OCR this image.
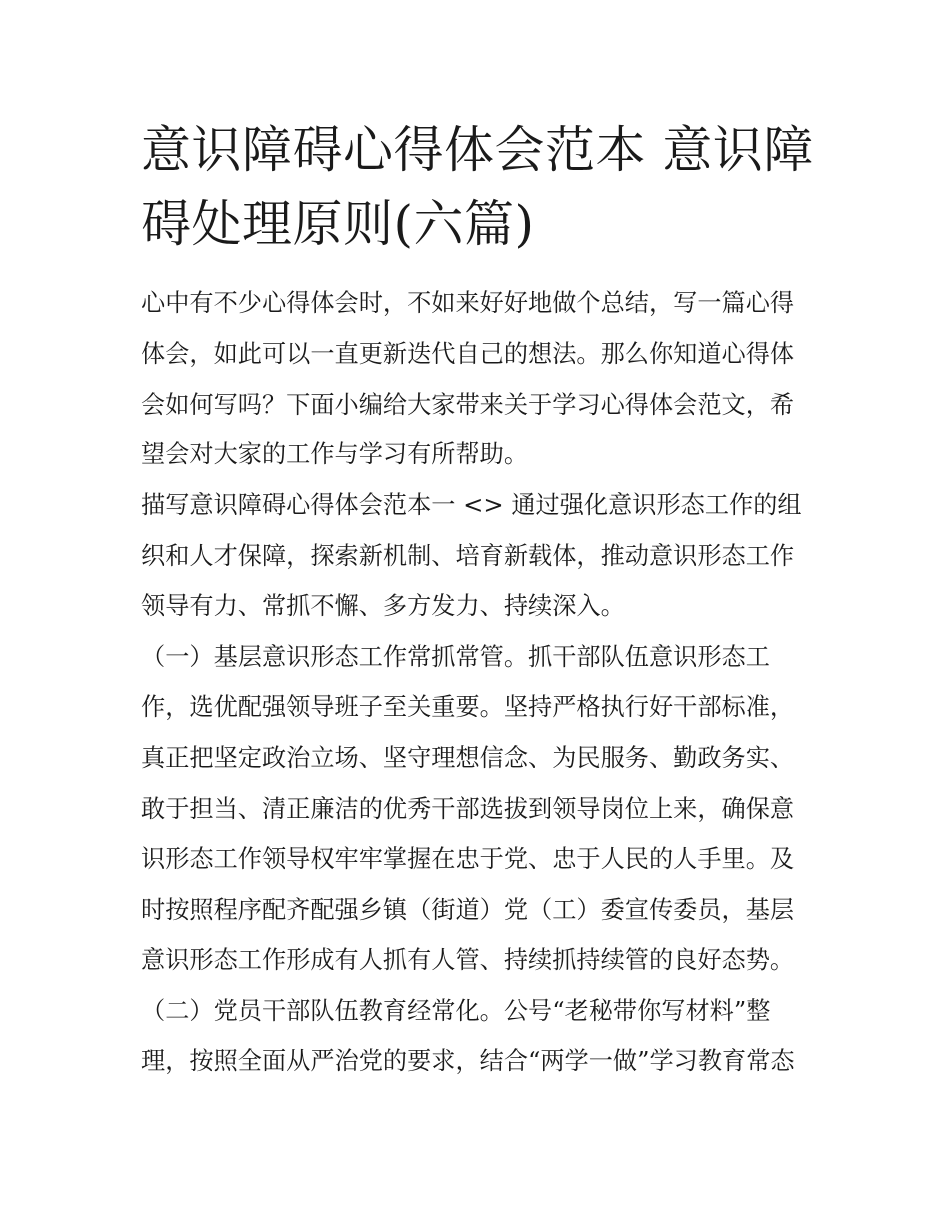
意识障碍心得体会范本 意识障碍处理原则(六篇)

心中有不少心得体会时，不如来好好地做个总结，写一篇心得

体会，如此可以一直更新迭代自己的想法。那么你知道心得体

会如何写吗？下面小编给大家带来关于学习心得体会范文，希

望会对大家的工作与学习有所帮助。

描写意识障碍心得体会范本一 <> 通过强化意识形态工作的组

织和人才保障，探索新机制、培育新载体，推动意识形态工作

领导有力、常抓不懈、多方发力、持续深入。

（一）基层意识形态工作常抓常管。抓干部队伍意识形态工

作，选优配强领导班子至关重要。坚持严格执行好干部标准，

真正把坚定政治立场、坚守理想信念、为民服务、勤政务实、

敢于担当、清正廉洁的优秀干部选拔到领导岗位上来，确保意

识形态工作领导权牢牢掌握在忠于党、忠于人民的人手里。及

时按照程序配齐配强乡镇（街道）党（工）委宣传委员，基层

意识形态工作形成有人抓有人管、持续抓持续管的良好态势。

（二）党员干部队伍教育经常化。公号“老秘带你写材料”整

理，按照全面从严治党的要求，结合“两学一做”学习教育常态
